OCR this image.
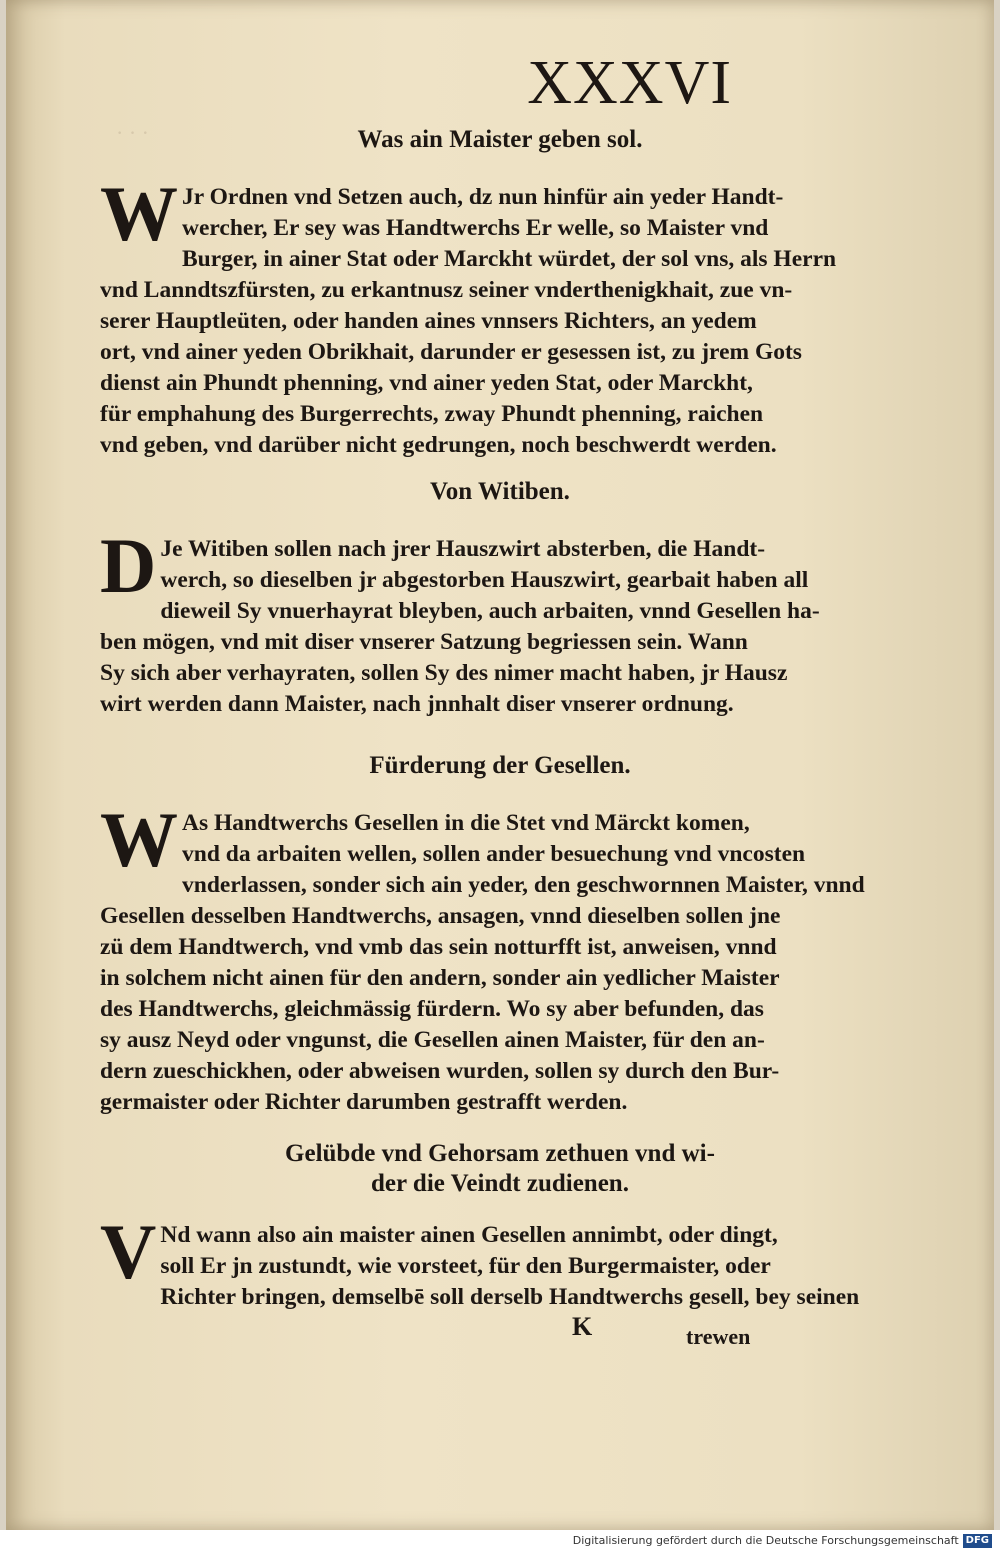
· · ·
XXXVI
Was ain Maister geben sol.
W Jr Ordnen vnd Setzen auch, dz nun hinfür ain yeder Handt-
wercher, Er sey was Handtwerchs Er welle, so Maister vnd
Burger, in ainer Stat oder Marckht würdet, der sol vns, als Herrn
vnd Lanndtszfürsten, zu erkantnusz seiner vnderthenigkhait, zue vn-
serer Hauptleüten, oder handen aines vnnsers Richters, an yedem
ort, vnd ainer yeden Obrikhait, darunder er gesessen ist, zu jrem Gots
dienst ain Phundt phenning, vnd ainer yeden Stat, oder Marckht,
für emphahung des Burgerrechts, zway Phundt phenning, raichen
vnd geben, vnd darüber nicht gedrungen, noch beschwerdt werden.
Von Witiben.
D Je Witiben sollen nach jrer Hauszwirt absterben, die Handt-
werch, so dieselben jr abgestorben Hauszwirt, gearbait haben all
dieweil Sy vnuerhayrat bleyben, auch arbaiten, vnnd Gesellen ha-
ben mögen, vnd mit diser vnserer Satzung begriessen sein. Wann
Sy sich aber verhayraten, sollen Sy des nimer macht haben, jr Hausz
wirt werden dann Maister, nach jnnhalt diser vnserer ordnung.
Fürderung der Gesellen.
W As Handtwerchs Gesellen in die Stet vnd Märckt komen,
vnd da arbaiten wellen, sollen ander besuechung vnd vncosten
vnderlassen, sonder sich ain yeder, den geschwornnen Maister, vnnd
Gesellen desselben Handtwerchs, ansagen, vnnd dieselben sollen jne
zü dem Handtwerch, vnd vmb das sein notturfft ist, anweisen, vnnd
in solchem nicht ainen für den andern, sonder ain yedlicher Maister
des Handtwerchs, gleichmässig fürdern. Wo sy aber befunden, das
sy ausz Neyd oder vngunst, die Gesellen ainen Maister, für den an-
dern zueschickhen, oder abweisen wurden, sollen sy durch den Bur-
germaister oder Richter darumben gestrafft werden.
Gelübde vnd Gehorsam zethuen vnd wi-
der die Veindt zudienen.
V Nd wann also ain maister ainen Gesellen annimbt, oder dingt,
soll Er jn zustundt, wie vorsteet, für den Burgermaister, oder
Richter bringen, demselbē soll derselb Handtwerchs gesell, bey seinen
K	trewen
Digitalisierung gefördert durch die Deutsche Forschungsgemeinschaft DFG
